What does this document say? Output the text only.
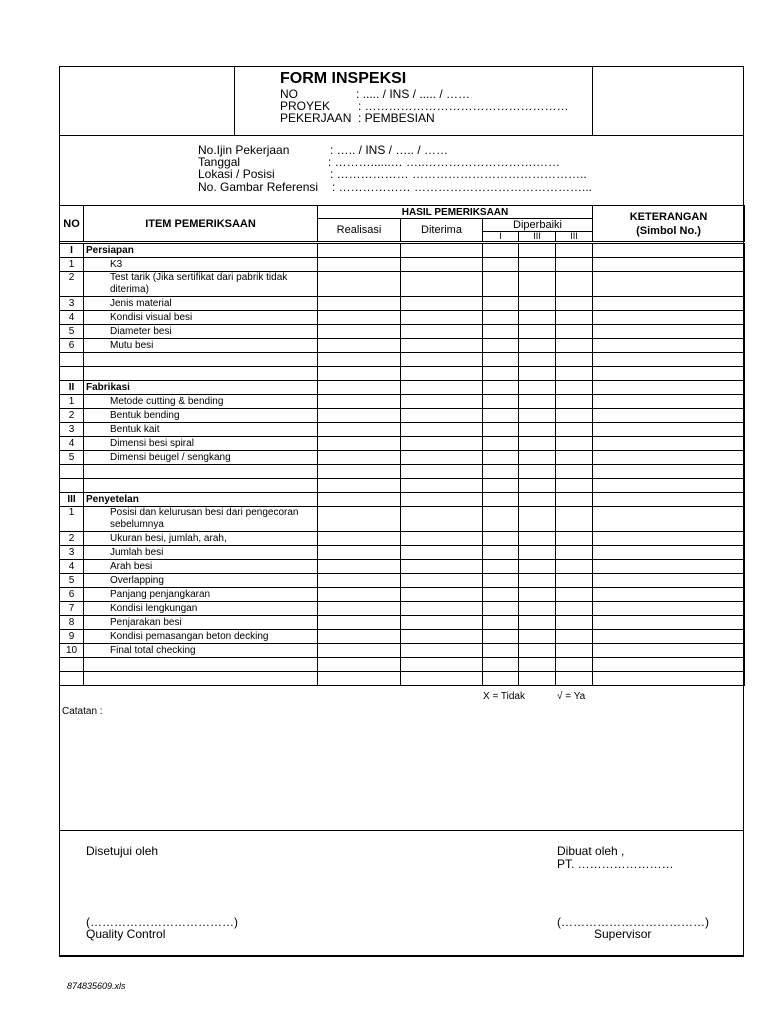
FORM INSPEKSI
NO	: ..... / INS / ..... / ……
PROYEK : ……………………………………………
PEKERJAAN : PEMBESIAN
No.Ijin Pekerjaan	: ….. / INS / ….. / ……
Tanggal	: ………......… …..……………………….……
Lokasi / Posisi	: ……………… ……………………………………..
No. Gambar Referensi : ……………… ……………………………………...
NO	ITEM PEMERIKSAAN	HASIL PEMERIKSAAN					KETERANGAN
(Simbol No.)

		Realisasi	Diterima	Diperbaiki			
				I	III	III	
I	Persiapan						
1	K3						
2	Test tarik (Jika sertifikat dari pabrik tidak diterima)						
3	Jenis material						
4	Kondisi visual besi						
5	Diameter besi						
6	Mutu besi						

II	Fabrikasi						
1	Metode cutting & bending						
2	Bentuk bending						
3	Bentuk kait						
4	Dimensi besi spiral						
5	Dimensi beugel / sengkang						

III	Penyetelan						
1	Posisi dan kelurusan besi dari pengecoran sebelumnya						
2	Ukuran besi, jumlah, arah,						
3	Jumlah besi						
4	Arah besi						
5	Overlapping						
6	Panjang penjangkaran						
7	Kondisi lengkungan						
8	Penjarakan besi						
9	Kondisi pemasangan beton decking						
10	Final total checking						

X = Tidak	√ = Ya
Catatan :
Disetujui oleh
(………………………………)
Quality Control
Dibuat oleh ,
PT. ……………………
(………………………………)
Supervisor
874835609.xls
